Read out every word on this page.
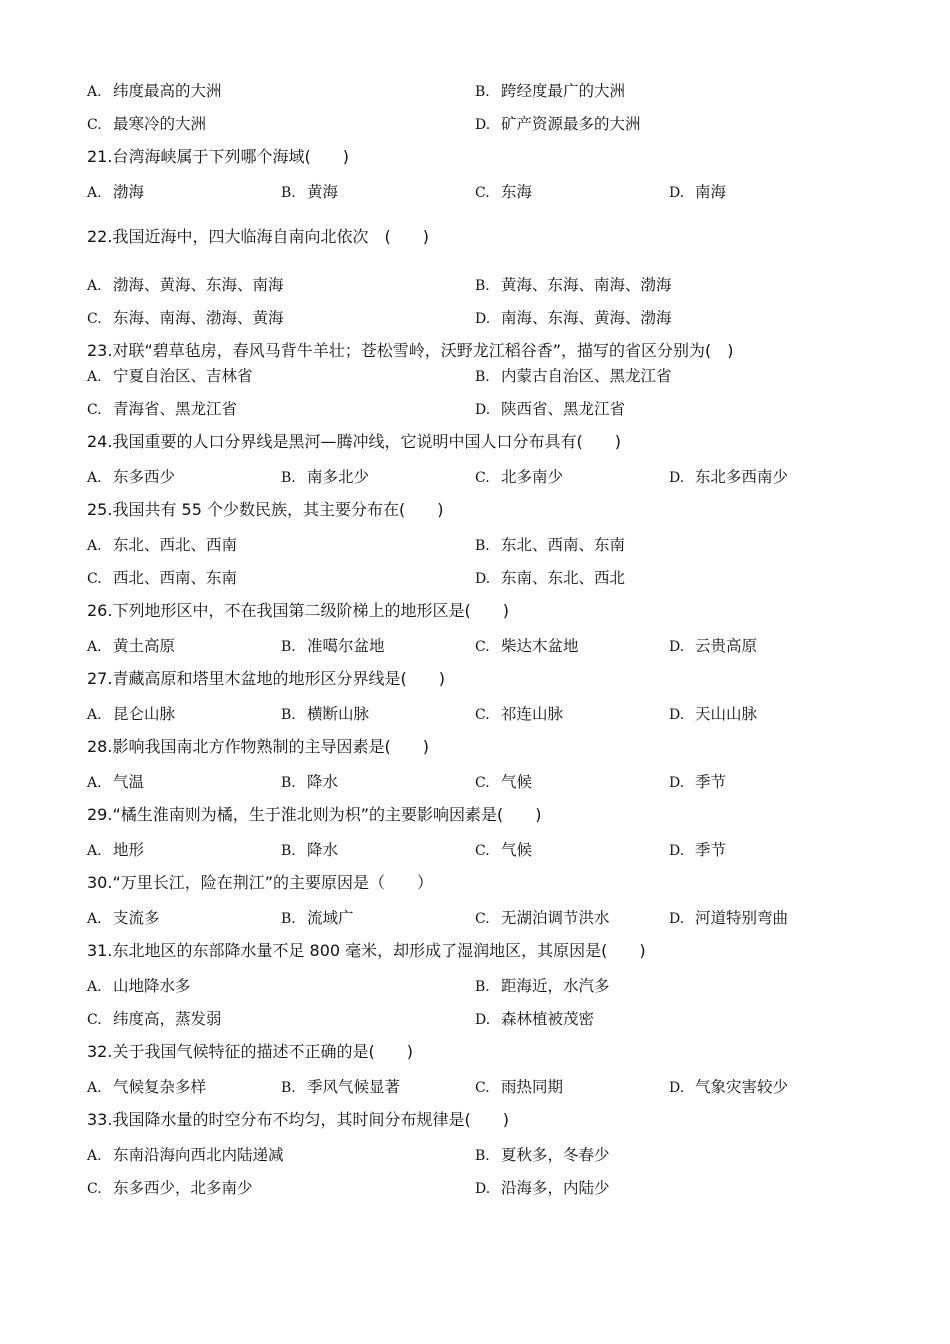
A. 纬度最高的大洲	B. 跨经度最广的大洲
C. 最寒冷的大洲	D. 矿产资源最多的大洲
21.台湾海峡属于下列哪个海域(　　)
A. 渤海	B. 黄海	C. 东海	D. 南海
22.我国近海中，四大临海自南向北依次　(　　)
A. 渤海、黄海、东海、南海	B. 黄海、东海、南海、渤海
C. 东海、南海、渤海、黄海	D. 南海、东海、黄海、渤海
23.对联“碧草毡房，春风马背牛羊壮；苍松雪岭，沃野龙江稻谷香”，描写的省区分别为(　)
A. 宁夏自治区、吉林省	B. 内蒙古自治区、黑龙江省
C. 青海省、黑龙江省	D. 陕西省、黑龙江省
24.我国重要的人口分界线是黑河—腾冲线，它说明中国人口分布具有(　　)
A. 东多西少	B. 南多北少	C. 北多南少	D. 东北多西南少
25.我国共有 55 个少数民族，其主要分布在(　　)
A. 东北、西北、西南	B. 东北、西南、东南
C. 西北、西南、东南	D. 东南、东北、西北
26.下列地形区中，不在我国第二级阶梯上的地形区是(　　)
A. 黄土高原	B. 准噶尔盆地	C. 柴达木盆地	D. 云贵高原
27.青藏高原和塔里木盆地的地形区分界线是(　　)
A. 昆仑山脉	B. 横断山脉	C. 祁连山脉	D. 天山山脉
28.影响我国南北方作物熟制的主导因素是(　　)
A. 气温	B. 降水	C. 气候	D. 季节
29.“橘生淮南则为橘，生于淮北则为枳”的主要影响因素是(　　)
A. 地形	B. 降水	C. 气候	D. 季节
30.“万里长江，险在荆江”的主要原因是（　　）
A. 支流多	B. 流域广	C. 无湖泊调节洪水	D. 河道特别弯曲
31.东北地区的东部降水量不足 800 毫米，却形成了湿润地区，其原因是(　　)
A. 山地降水多	B. 距海近，水汽多
C. 纬度高，蒸发弱	D. 森林植被茂密
32.关于我国气候特征的描述不正确的是(　　)
A. 气候复杂多样	B. 季风气候显著	C. 雨热同期	D. 气象灾害较少
33.我国降水量的时空分布不均匀，其时间分布规律是(　　)
A. 东南沿海向西北内陆递减	B. 夏秋多，冬春少
C. 东多西少，北多南少	D. 沿海多，内陆少
